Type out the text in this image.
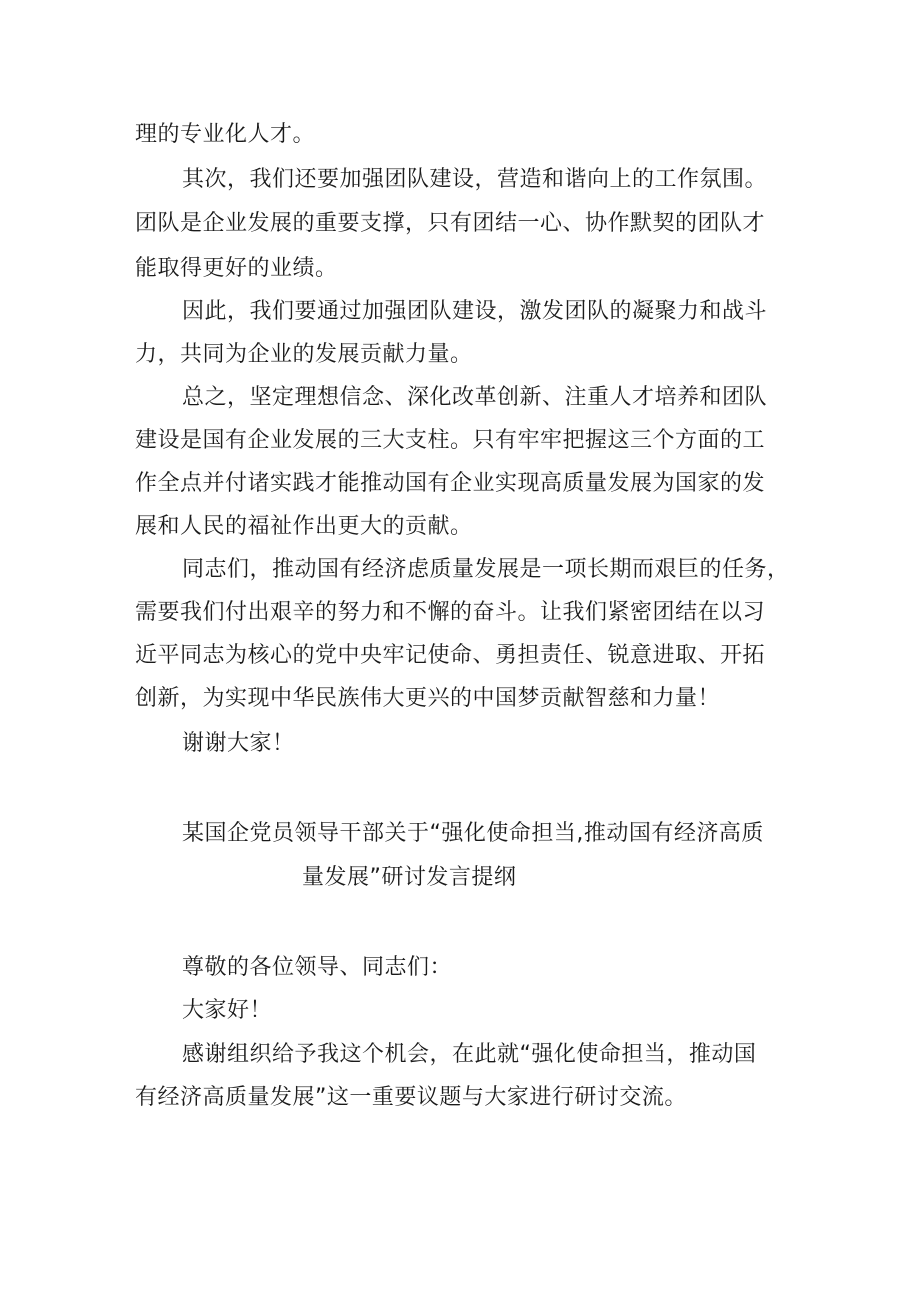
理的专业化人才。
其次，我们还要加强团队建设，营造和谐向上的工作氛围。
团队是企业发展的重要支撑，只有团结一心、协作默契的团队才
能取得更好的业绩。
因此，我们要通过加强团队建设，激发团队的凝聚力和战斗
力，共同为企业的发展贡献力量。
总之，坚定理想信念、深化改革创新、注重人才培养和团队
建设是国有企业发展的三大支柱。只有牢牢把握这三个方面的工
作全点并付诸实践才能推动国有企业实现高质量发展为国家的发
展和人民的福祉作出更大的贡献。
同志们，推动国有经济虑质量发展是一项长期而艰巨的任务，
需要我们付出艰辛的努力和不懈的奋斗。让我们紧密团结在以习
近平同志为核心的党中央牢记使命、勇担责任、锐意进取、开拓
创新，为实现中华民族伟大更兴的中国梦贡献智慈和力量！
谢谢大家！
某国企党员领导干部关于“强化使命担当,推动国有经济高质
量发展”研讨发言提纲
尊敬的各位领导、同志们：
大家好！
感谢组织给予我这个机会，在此就“强化使命担当，推动国
有经济高质量发展”这一重要议题与大家进行研讨交流。
